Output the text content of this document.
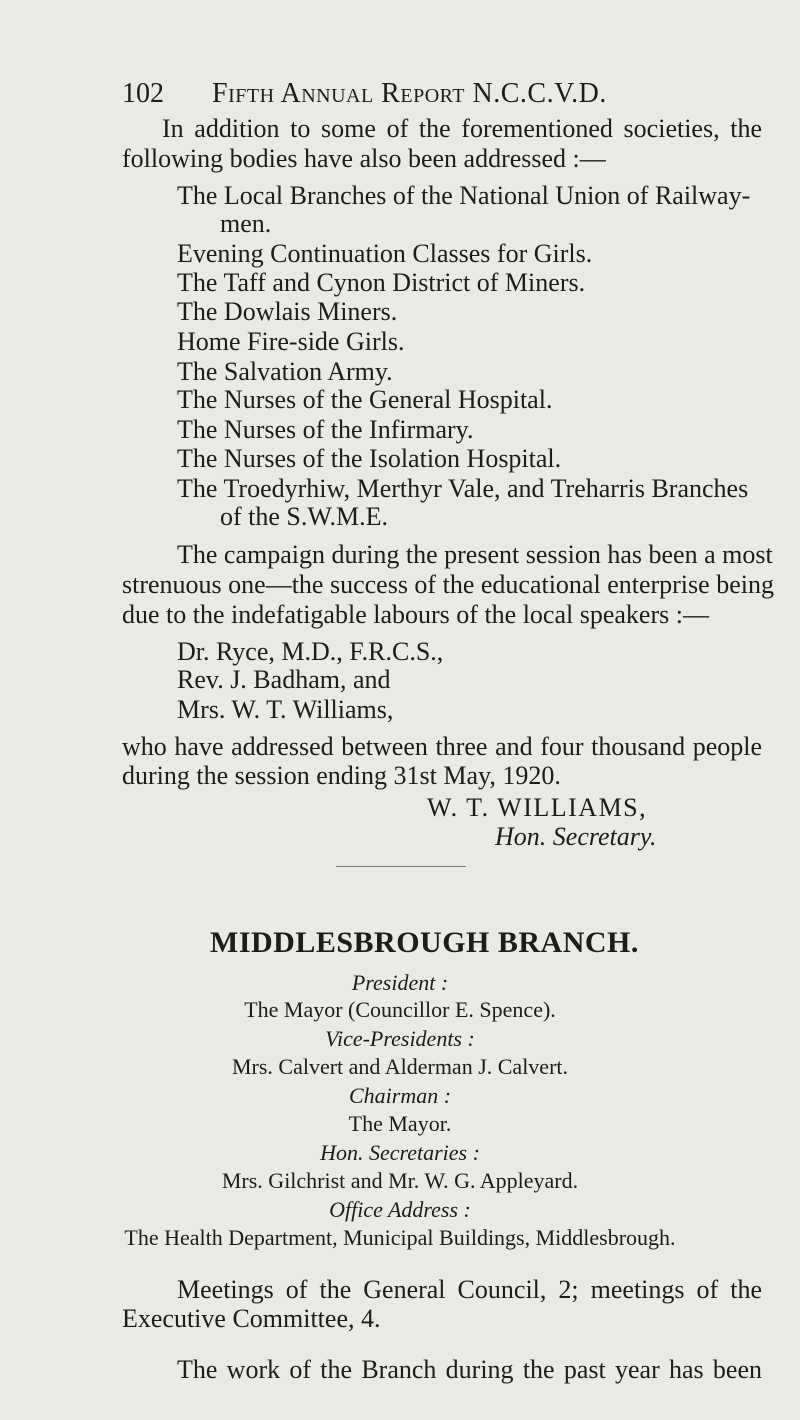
102 Fifth Annual Report N.C.C.V.D.
In addition to some of the forementioned societies, the
following bodies have also been addressed :—
The Local Branches of the National Union of Railway-
men.
Evening Continuation Classes for Girls.
The Taff and Cynon District of Miners.
The Dowlais Miners.
Home Fire-side Girls.
The Salvation Army.
The Nurses of the General Hospital.
The Nurses of the Infirmary.
The Nurses of the Isolation Hospital.
The Troedyrhiw, Merthyr Vale, and Treharris Branches
of the S.W.M.E.
The campaign during the present session has been a most
strenuous one—the success of the educational enterprise being
due to the indefatigable labours of the local speakers :—
Dr. Ryce, M.D., F.R.C.S.,
Rev. J. Badham, and
Mrs. W. T. Williams,
who have addressed between three and four thousand people
during the session ending 31st May, 1920.
W. T. WILLIAMS,
Hon. Secretary.
MIDDLESBROUGH BRANCH.
President :
The Mayor (Councillor E. Spence).
Vice-Presidents :
Mrs. Calvert and Alderman J. Calvert.
Chairman :
The Mayor.
Hon. Secretaries :
Mrs. Gilchrist and Mr. W. G. Appleyard.
Office Address :
The Health Department, Municipal Buildings, Middlesbrough.
Meetings of the General Council, 2; meetings of the
Executive Committee, 4.
The work of the Branch during the past year has been
